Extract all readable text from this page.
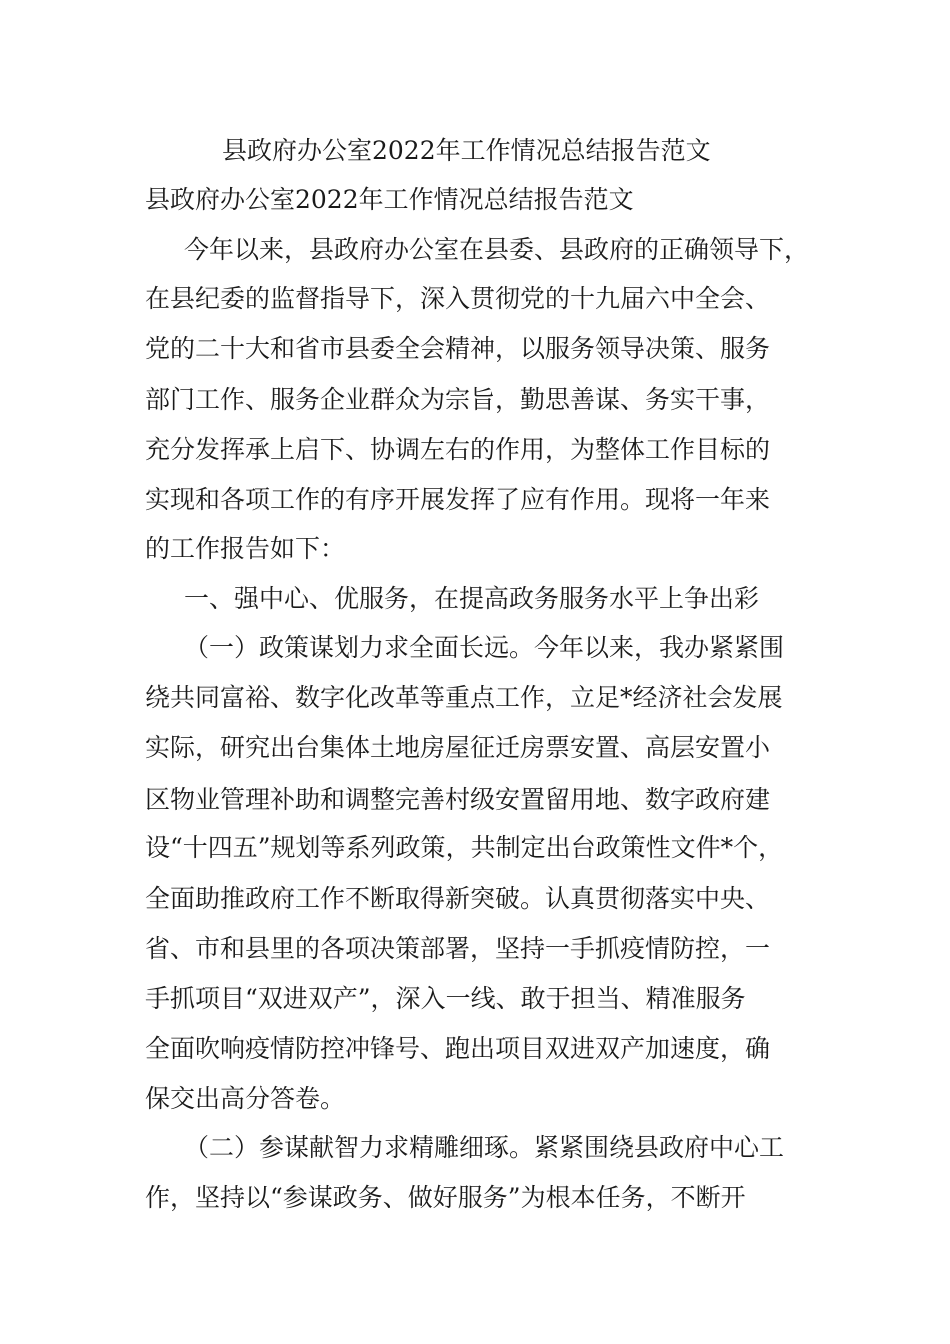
县政府办公室2022年工作情况总结报告范文
县政府办公室2022年工作情况总结报告范文
今年以来，县政府办公室在县委、县政府的正确领导下，
在县纪委的监督指导下，深入贯彻党的十九届六中全会、
党的二十大和省市县委全会精神，以服务领导决策、服务
部门工作、服务企业群众为宗旨，勤思善谋、务实干事，
充分发挥承上启下、协调左右的作用，为整体工作目标的
实现和各项工作的有序开展发挥了应有作用。现将一年来
的工作报告如下：
一、强中心、优服务，在提高政务服务水平上争出彩
（一）政策谋划力求全面长远。今年以来，我办紧紧围
绕共同富裕、数字化改革等重点工作，立足*经济社会发展
实际，研究出台集体土地房屋征迁房票安置、高层安置小
区物业管理补助和调整完善村级安置留用地、数字政府建
设“十四五”规划等系列政策，共制定出台政策性文件*个，
全面助推政府工作不断取得新突破。认真贯彻落实中央、
省、市和县里的各项决策部署，坚持一手抓疫情防控，一
手抓项目“双进双产”，深入一线、敢于担当、精准服务
全面吹响疫情防控冲锋号、跑出项目双进双产加速度，确
保交出高分答卷。
（二）参谋献智力求精雕细琢。紧紧围绕县政府中心工
作，坚持以“参谋政务、做好服务”为根本任务，不断开
